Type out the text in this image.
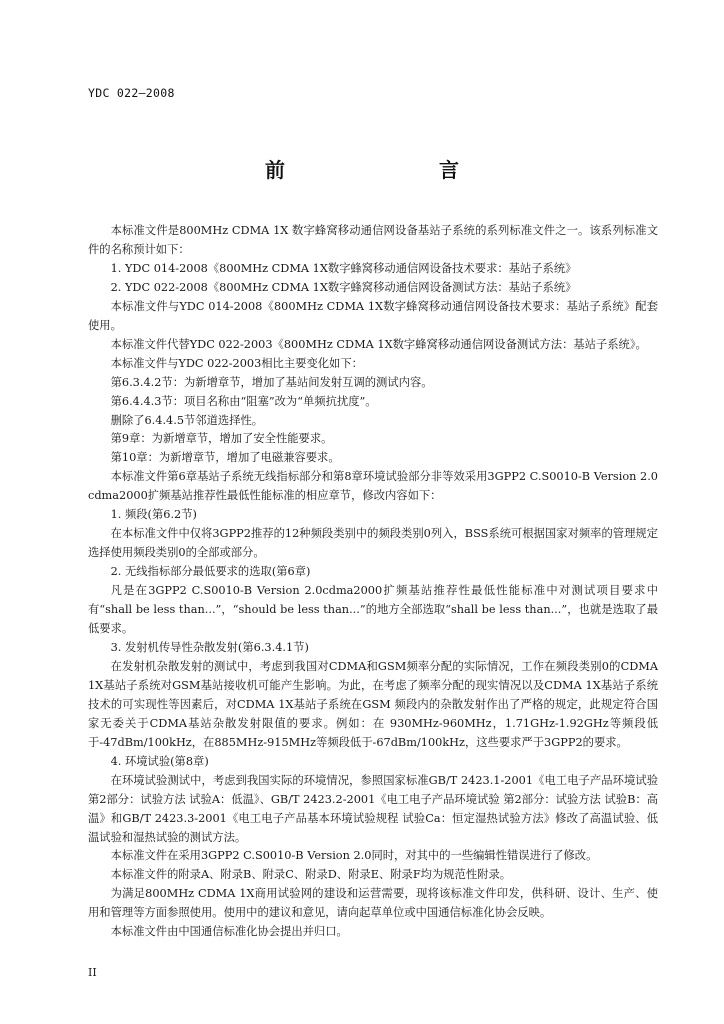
YDC 022—2008
前　　言

本标准文件是800MHz CDMA 1X 数字蜂窝移动通信网设备基站子系统的系列标准文件之一。该系列标准文件的名称预计如下：

1. YDC 014-2008《800MHz CDMA 1X数字蜂窝移动通信网设备技术要求：基站子系统》

2. YDC 022-2008《800MHz CDMA 1X数字蜂窝移动通信网设备测试方法：基站子系统》

本标准文件与YDC 014-2008《800MHz CDMA 1X数字蜂窝移动通信网设备技术要求：基站子系统》配套使用。

本标准文件代替YDC 022-2003《800MHz CDMA 1X数字蜂窝移动通信网设备测试方法：基站子系统》。

本标准文件与YDC 022-2003相比主要变化如下：

第6.3.4.2节：为新增章节，增加了基站间发射互调的测试内容。

第6.4.4.3节：项目名称由“阻塞”改为“单频抗扰度”。

删除了6.4.4.5节邻道选择性。

第9章：为新增章节，增加了安全性能要求。

第10章：为新增章节，增加了电磁兼容要求。

本标准文件第6章基站子系统无线指标部分和第8章环境试验部分非等效采用3GPP2 C.S0010-B Version 2.0 cdma2000扩频基站推荐性最低性能标准的相应章节，修改内容如下：

1. 频段(第6.2节)

在本标准文件中仅将3GPP2推荐的12种频段类别中的频段类别0列入，BSS系统可根据国家对频率的管理规定选择使用频段类别0的全部或部分。

2. 无线指标部分最低要求的选取(第6章)

凡是在3GPP2 C.S0010-B Version 2.0cdma2000扩频基站推荐性最低性能标准中对测试项目要求中有“shall be less than...”，“should be less than...”的地方全部选取“shall be less than...”，也就是选取了最低要求。

3. 发射机传导性杂散发射(第6.3.4.1节)

在发射机杂散发射的测试中，考虑到我国对CDMA和GSM频率分配的实际情况，工作在频段类别0的CDMA 1X基站子系统对GSM基站接收机可能产生影响。为此，在考虑了频率分配的现实情况以及CDMA 1X基站子系统技术的可实现性等因素后，对CDMA 1X基站子系统在GSM 频段内的杂散发射作出了严格的规定，此规定符合国家无委关于CDMA基站杂散发射限值的要求。例如：在 930MHz-960MHz，1.71GHz-1.92GHz等频段低于-47dBm/100kHz，在885MHz-915MHz等频段低于-67dBm/100kHz，这些要求严于3GPP2的要求。

4. 环境试验(第8章)

在环境试验测试中，考虑到我国实际的环境情况，参照国家标准GB/T 2423.1-2001《电工电子产品环境试验 第2部分：试验方法 试验A：低温》、GB/T 2423.2-2001《电工电子产品环境试验 第2部分：试验方法 试验B：高温》和GB/T 2423.3-2001《电工电子产品基本环境试验规程 试验Ca：恒定湿热试验方法》修改了高温试验、低温试验和湿热试验的测试方法。

本标准文件在采用3GPP2 C.S0010-B Version 2.0同时，对其中的一些编辑性错误进行了修改。

本标准文件的附录A、附录B、附录C、附录D、附录E、附录F均为规范性附录。

为满足800MHz CDMA 1X商用试验网的建设和运营需要，现将该标准文件印发，供科研、设计、生产、使用和管理等方面参照使用。使用中的建议和意见，请向起草单位或中国通信标准化协会反映。

本标准文件由中国通信标准化协会提出并归口。

II
